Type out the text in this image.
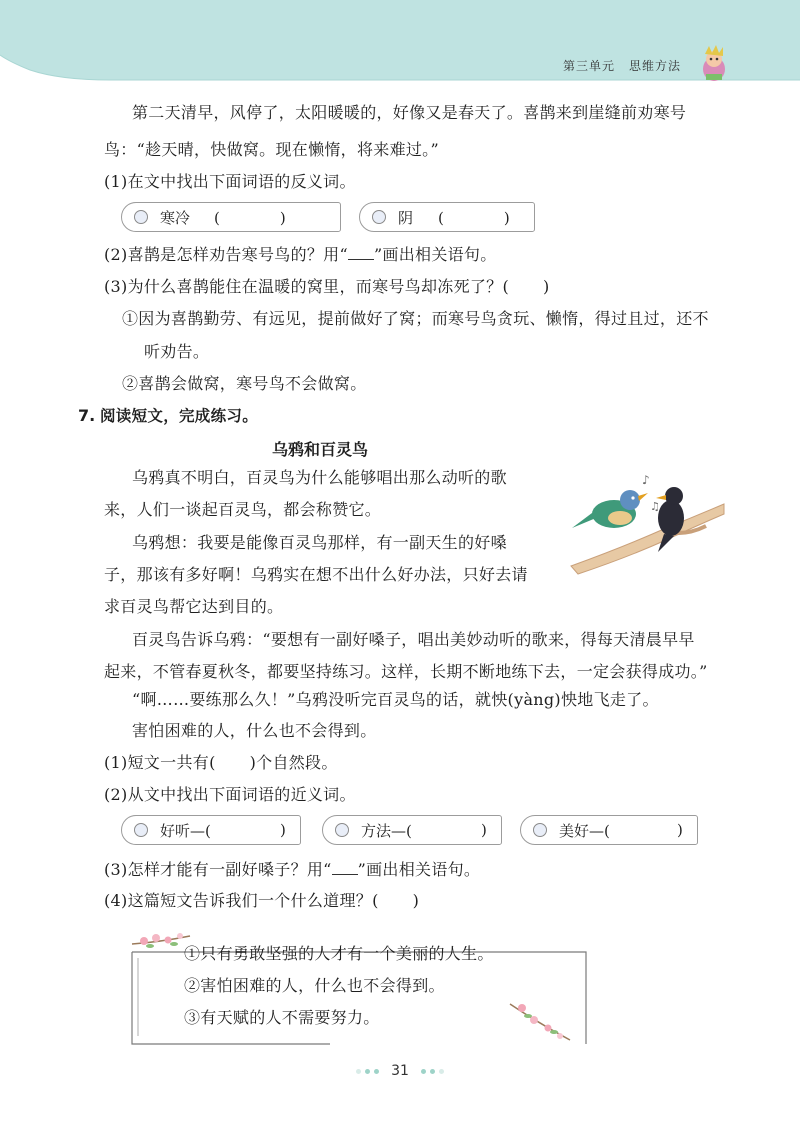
第三单元 思维方法
第二天清早，风停了，太阳暖暖的，好像又是春天了。喜鹊来到崖缝前劝寒号
鸟：“趁天晴，快做窝。现在懒惰，将来难过。”
(1)在文中找出下面词语的反义词。
寒冷 (　　　　)	阴 (　　　　)
(2)喜鹊是怎样劝告寒号鸟的？用“ ”画出相关语句。
(3)为什么喜鹊能住在温暖的窝里，而寒号鸟却冻死了？( )
①因为喜鹊勤劳、有远见，提前做好了窝；而寒号鸟贪玩、懒惰，得过且过，还不
听劝告。
②喜鹊会做窝，寒号鸟不会做窝。
7. 阅读短文，完成练习。
乌鸦和百灵鸟
乌鸦真不明白，百灵鸟为什么能够唱出那么动听的歌
来，人们一谈起百灵鸟，都会称赞它。
乌鸦想：我要是能像百灵鸟那样，有一副天生的好嗓
子，那该有多好啊！乌鸦实在想不出什么好办法，只好去请
求百灵鸟帮它达到目的。
♪
♫
百灵鸟告诉乌鸦：“要想有一副好嗓子，唱出美妙动听的歌来，得每天清晨早早
起来，不管春夏秋冬，都要坚持练习。这样，长期不断地练下去，一定会获得成功。”
“啊……要练那么久！”乌鸦没听完百灵鸟的话，就怏(yàng)怏地飞走了。
害怕困难的人，什么也不会得到。
(1)短文一共有( )个自然段。
(2)从文中找出下面词语的近义词。
好听—(	)	方法—(	)	美好—(	)
(3)怎样才能有一副好嗓子？用“ ”画出相关语句。
(4)这篇短文告诉我们一个什么道理？( )
①只有勇敢坚强的人才有一个美丽的人生。
②害怕困难的人，什么也不会得到。
③有天赋的人不需要努力。
31
